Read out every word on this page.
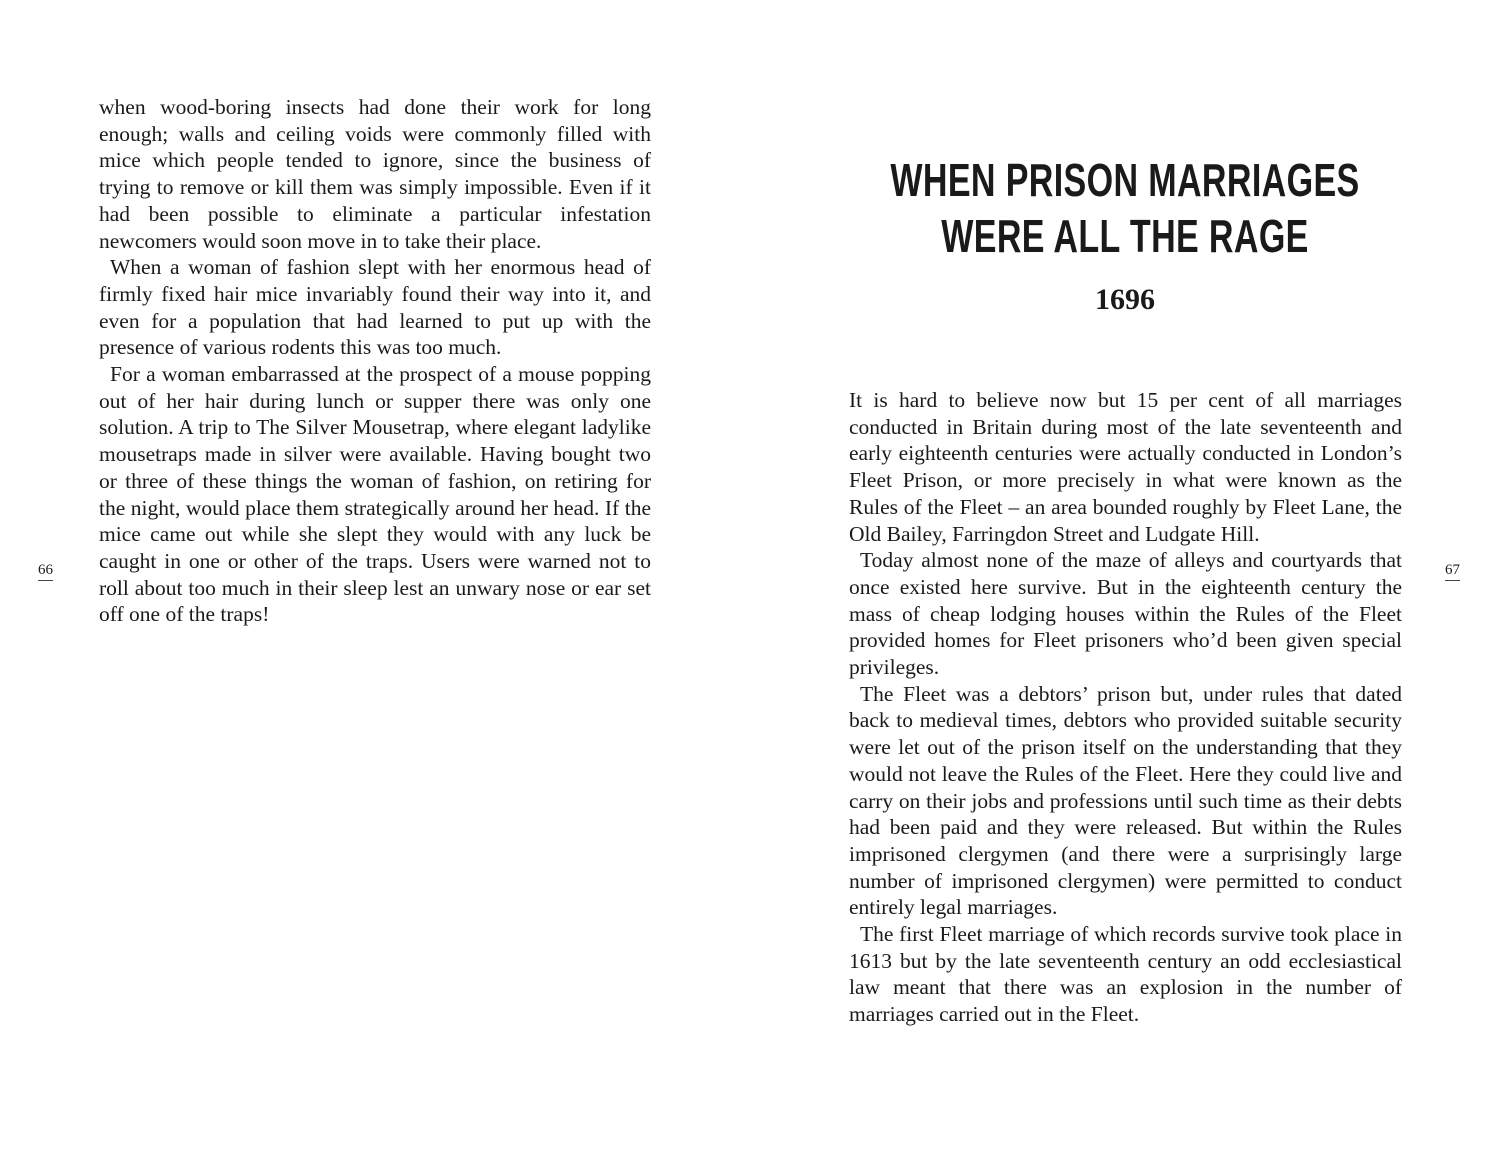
when wood-boring insects had done their work for long enough; walls and ceiling voids were commonly filled with mice which people tended to ignore, since the business of trying to remove or kill them was simply impossible. Even if it had been possible to eliminate a particular infestation newcomers would soon move in to take their place.

When a woman of fashion slept with her enormous head of firmly fixed hair mice invariably found their way into it, and even for a population that had learned to put up with the presence of various rodents this was too much.

For a woman embarrassed at the prospect of a mouse popping out of her hair during lunch or supper there was only one solution. A trip to The Silver Mousetrap, where elegant ladylike mousetraps made in silver were available. Having bought two or three of these things the woman of fashion, on retiring for the night, would place them strategically around her head. If the mice came out while she slept they would with any luck be caught in one or other of the traps. Users were warned not to roll about too much in their sleep lest an unwary nose or ear set off one of the traps!

66
WHEN PRISON MARRIAGES
WERE ALL THE RAGE
1696

It is hard to believe now but 15 per cent of all marriages conducted in Britain during most of the late seventeenth and early eighteenth centuries were actually conducted in London’s Fleet Prison, or more precisely in what were known as the Rules of the Fleet – an area bounded roughly by Fleet Lane, the Old Bailey, Farringdon Street and Ludgate Hill.

Today almost none of the maze of alleys and courtyards that once existed here survive. But in the eighteenth century the mass of cheap lodging houses within the Rules of the Fleet provided homes for Fleet prisoners who’d been given special privileges.

The Fleet was a debtors’ prison but, under rules that dated back to medieval times, debtors who provided suitable security were let out of the prison itself on the understanding that they would not leave the Rules of the Fleet. Here they could live and carry on their jobs and professions until such time as their debts had been paid and they were released. But within the Rules imprisoned clergymen (and there were a surprisingly large number of imprisoned clergymen) were permitted to conduct entirely legal marriages.

The first Fleet marriage of which records survive took place in 1613 but by the late seventeenth century an odd ecclesiastical law meant that there was an explosion in the number of marriages carried out in the Fleet.

67
